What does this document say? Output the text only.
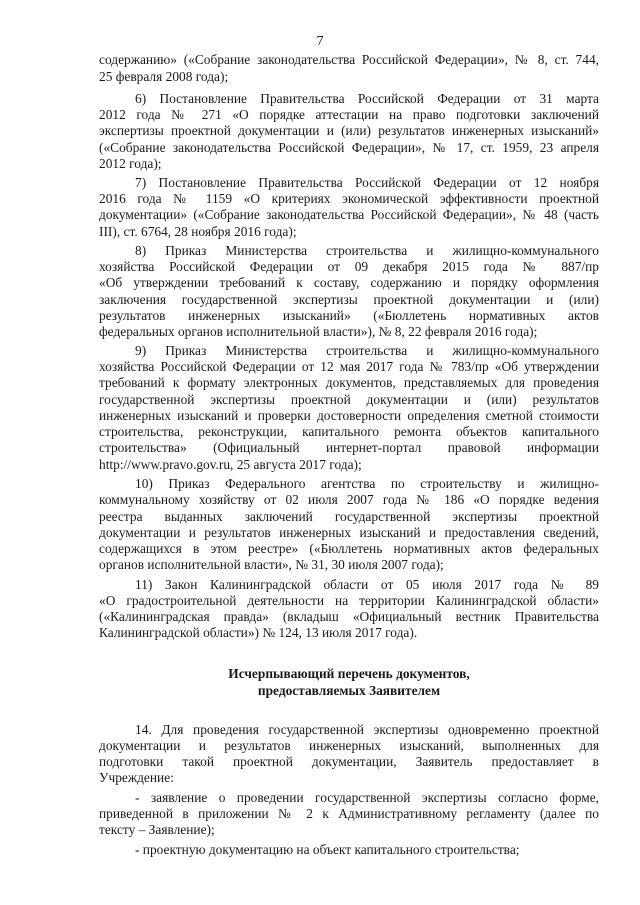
7
содержанию» («Собрание законодательства Российской Федерации», № 8, ст. 744,
25 февраля 2008 года);
6) Постановление Правительства Российской Федерации от 31 марта
2012 года № 271 «О порядке аттестации на право подготовки заключений
экспертизы проектной документации и (или) результатов инженерных изысканий»
(«Собрание законодательства Российской Федерации», № 17, ст. 1959, 23 апреля
2012 года);
7) Постановление Правительства Российской Федерации от 12 ноября
2016 года № 1159 «О критериях экономической эффективности проектной
документации» («Собрание законодательства Российской Федерации», № 48 (часть
III), ст. 6764, 28 ноября 2016 года);
8) Приказ Министерства строительства и жилищно-коммунального
хозяйства Российской Федерации от 09 декабря 2015 года № 887/пр
«Об утверждении требований к составу, содержанию и порядку оформления
заключения государственной экспертизы проектной документации и (или)
результатов инженерных изысканий» («Бюллетень нормативных актов
федеральных органов исполнительной власти»), № 8, 22 февраля 2016 года);
9) Приказ Министерства строительства и жилищно-коммунального
хозяйства Российской Федерации от 12 мая 2017 года № 783/пр «Об утверждении
требований к формату электронных документов, представляемых для проведения
государственной экспертизы проектной документации и (или) результатов
инженерных изысканий и проверки достоверности определения сметной стоимости
строительства, реконструкции, капитального ремонта объектов капитального
строительства» (Официальный интернет-портал правовой информации
http://www.pravo.gov.ru, 25 августа 2017 года);
10) Приказ Федерального агентства по строительству и жилищно-
коммунальному хозяйству от 02 июля 2007 года № 186 «О порядке ведения
реестра выданных заключений государственной экспертизы проектной
документации и результатов инженерных изысканий и предоставления сведений,
содержащихся в этом реестре» («Бюллетень нормативных актов федеральных
органов исполнительной власти», № 31, 30 июля 2007 года);
11) Закон Калининградской области от 05 июля 2017 года № 89
«О градостроительной деятельности на территории Калининградской области»
(«Калининградская правда» (вкладыш «Официальный вестник Правительства
Калининградской области») № 124, 13 июля 2017 года).
Исчерпывающий перечень документов,
предоставляемых Заявителем
14. Для проведения государственной экспертизы одновременно проектной
документации и результатов инженерных изысканий, выполненных для
подготовки такой проектной документации, Заявитель предоставляет в
Учреждение:
- заявление о проведении государственной экспертизы согласно форме,
приведенной в приложении № 2 к Административному регламенту (далее по
тексту – Заявление);
- проектную документацию на объект капитального строительства;
